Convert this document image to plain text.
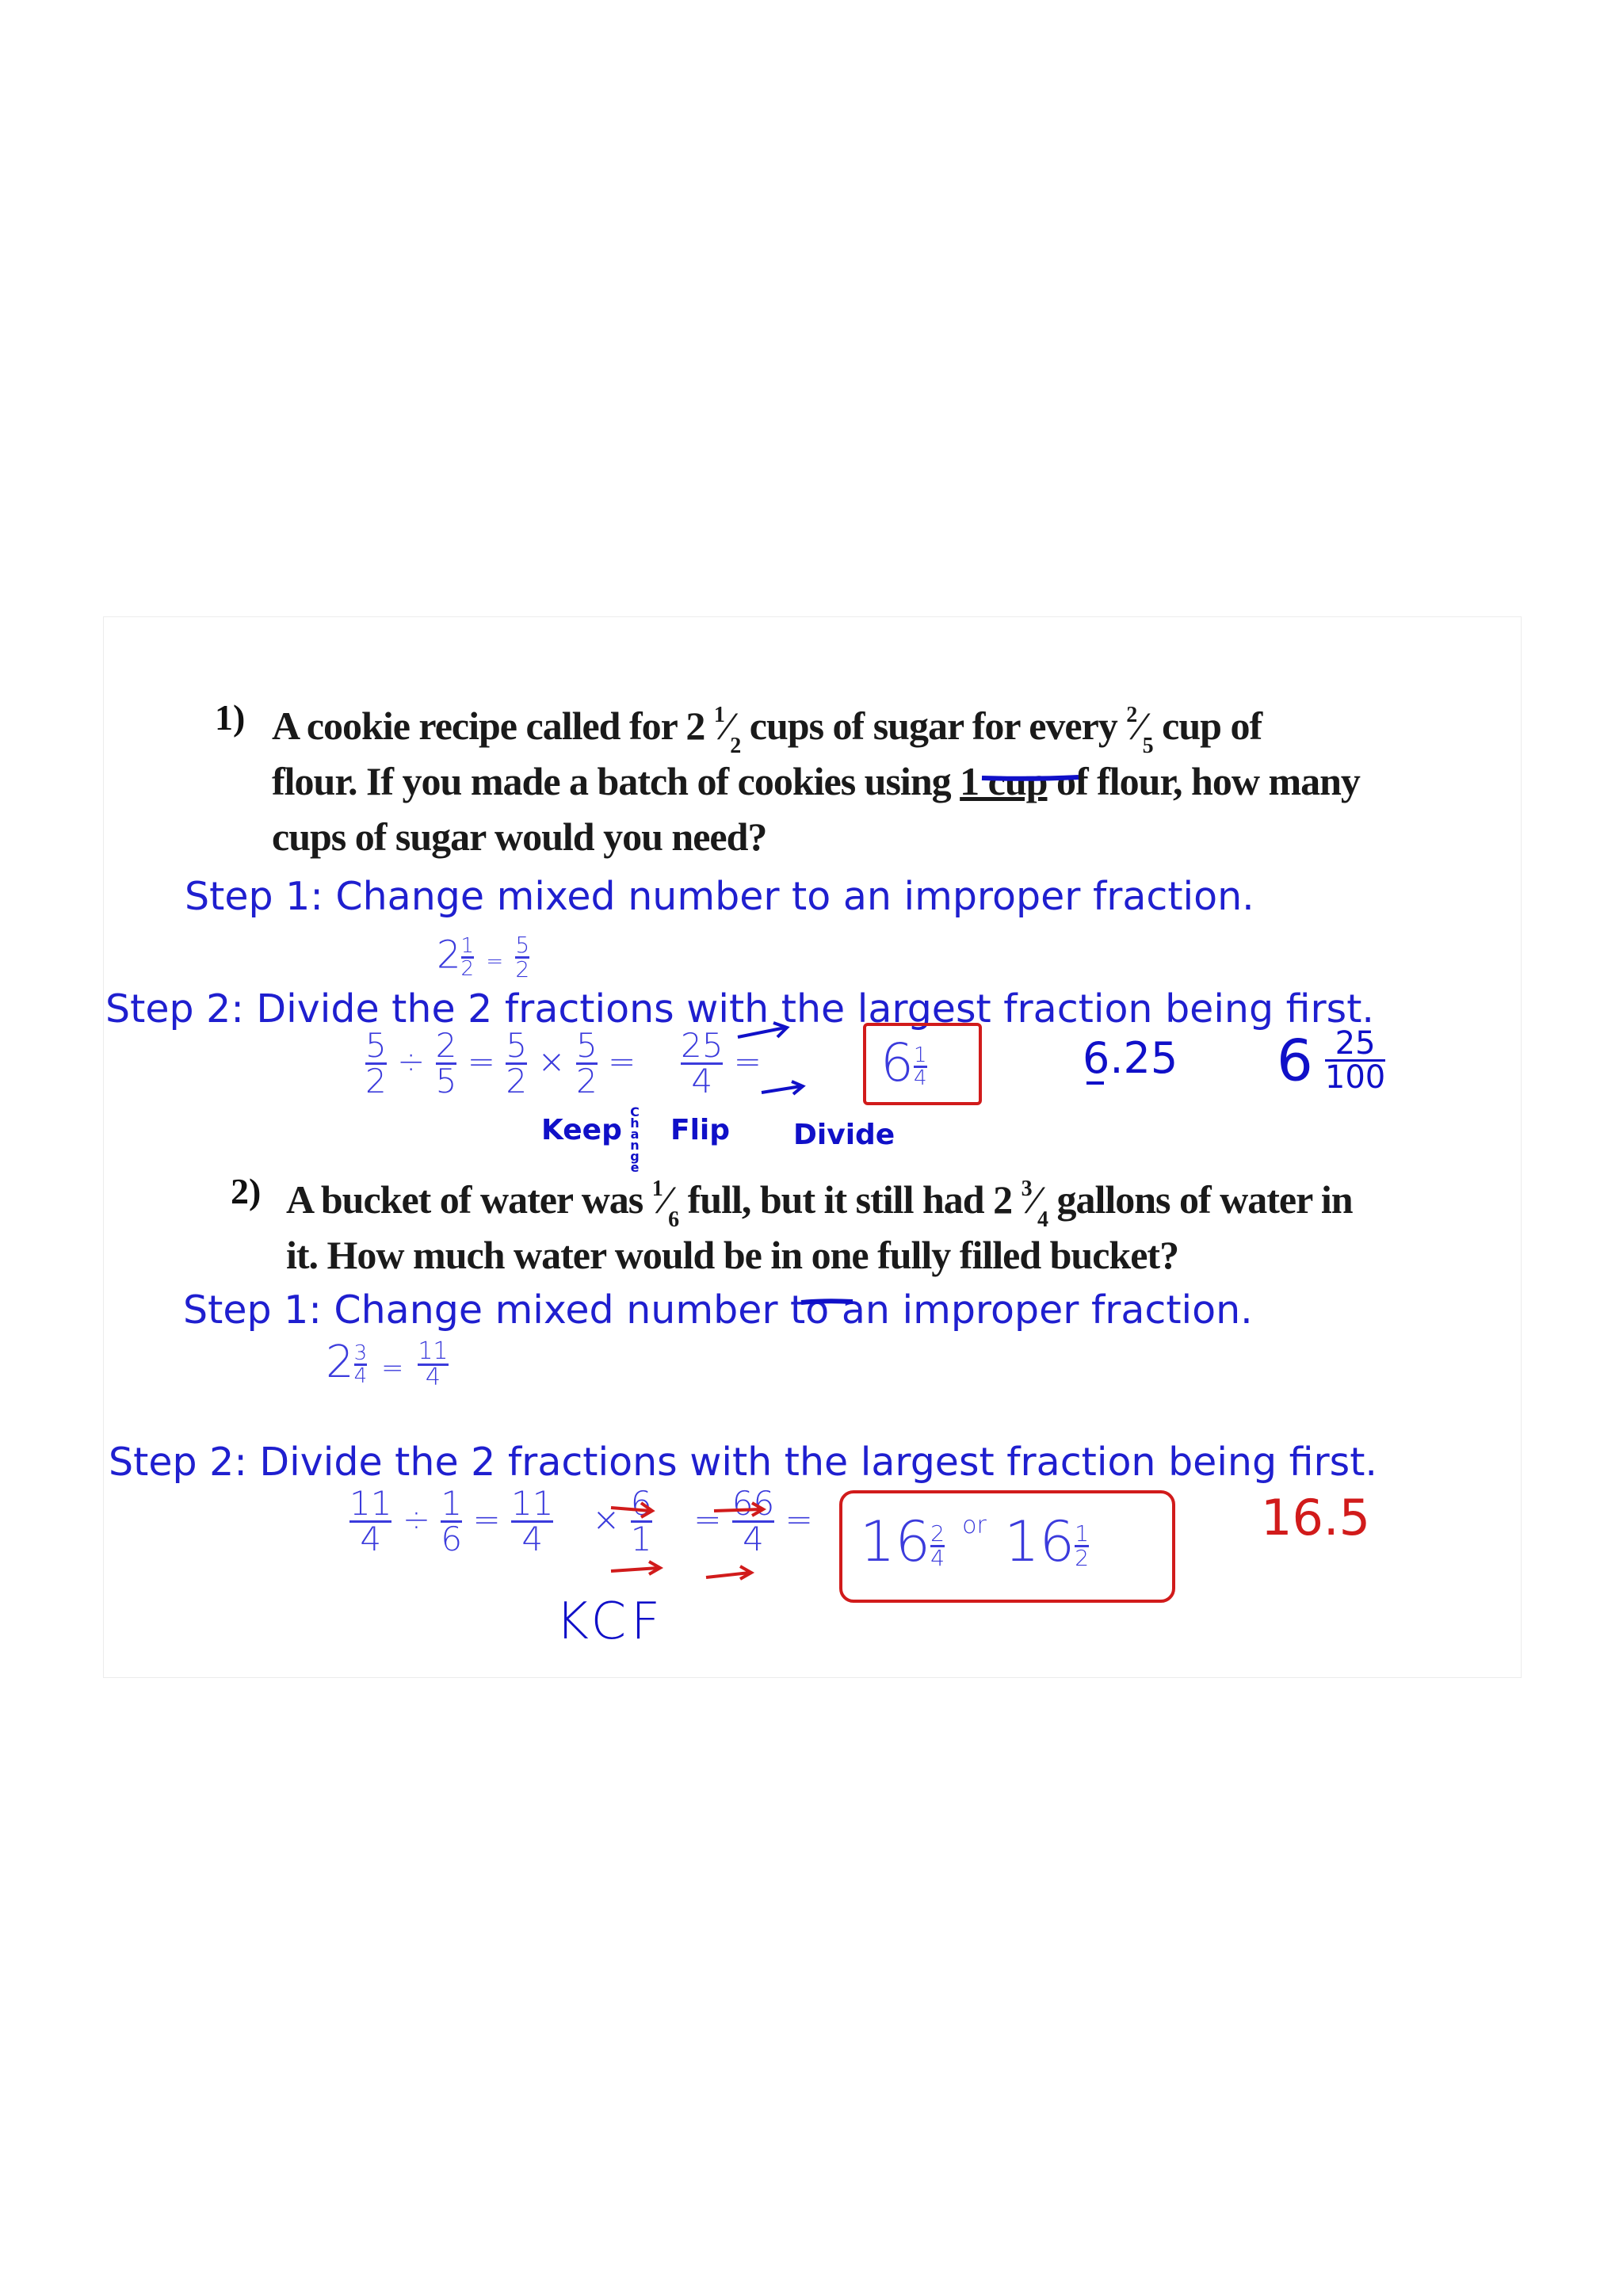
1) A cookie recipe called for 2 $^1⁄_2$ cups of sugar for every $^2⁄_5$ cup of
flour. If you made a batch of cookies using 1 cup of flour, how many
cups of sugar would you need?
Step 1: Change mixed number to an improper fraction.
$2 \frac{1}{2} = \frac{5}{2}$
Step 2: Divide the 2 fractions with the largest fraction being first.
$\frac{5}{2} \div \frac{2}{5} = \frac{5}{2} \times \frac{5}{2} = \frac{25}{4} = 6 \frac{1}{4}$	6.25 $6 \frac{25}{100}$
Keep
Change
Flip Divide
2) A bucket of water was $^1⁄_6$ full, but it still had 2 $^3⁄_4$ gallons of water in
it. How much water would be in one fully filled bucket?
Step 1: Change mixed number to an improper fraction.
$2 \frac{3}{4} = \frac{11}{4}$
Step 2: Divide the 2 fractions with the largest fraction being first.
$\frac{11}{4} \div \frac{1}{6} = \frac{11}{4} \times \frac{6}{1} = \frac{66}{4} = 16 \frac{2}{4} ^{or}$ $16 \frac{1}{2}$	16.5
KCF
